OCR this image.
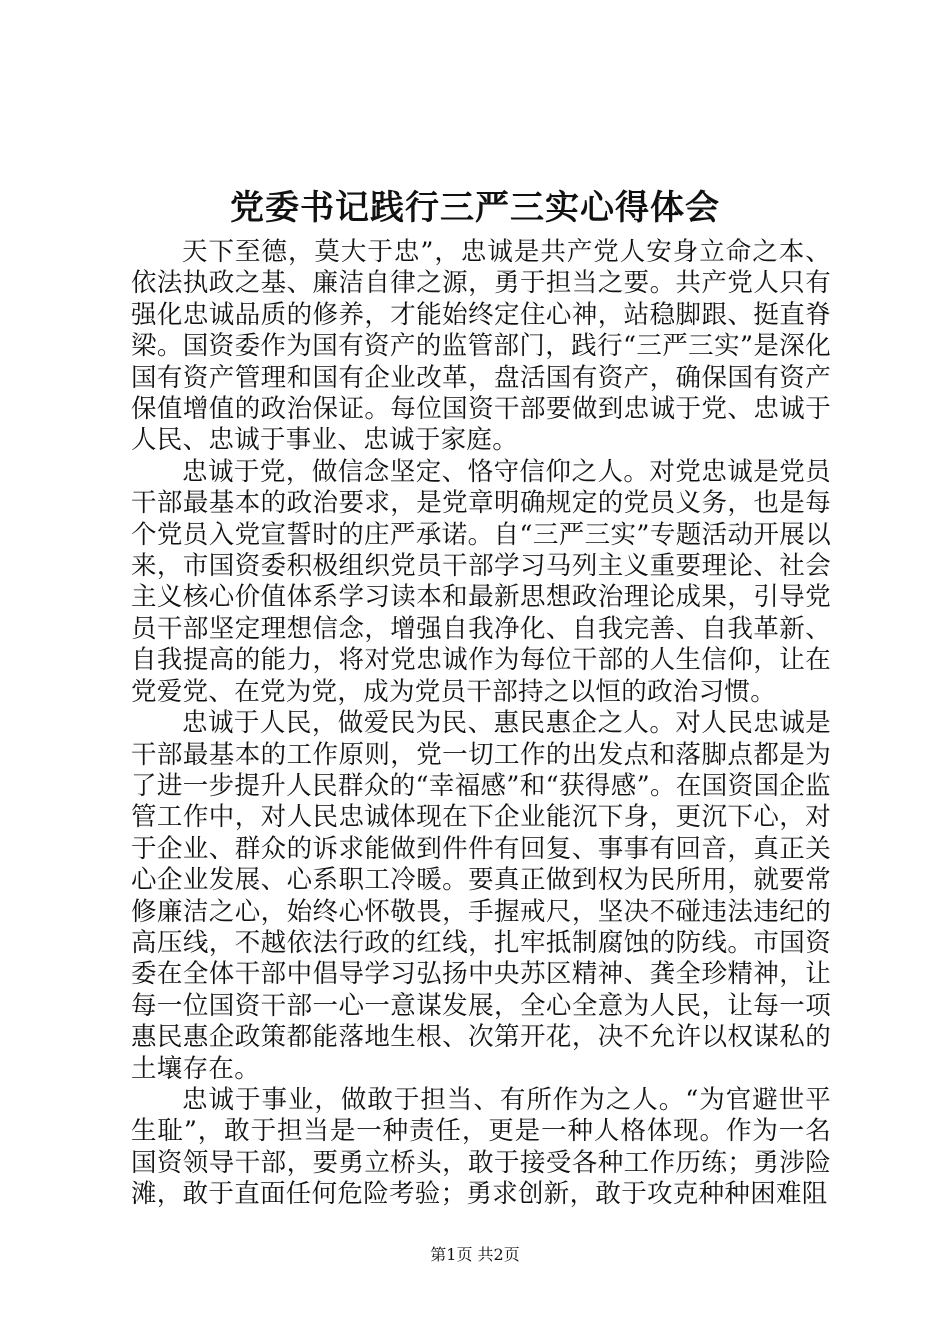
党委书记践行三严三实心得体会

天下至德，莫大于忠”，忠诚是共产党人安身立命之本、依法执政之基、廉洁自律之源，勇于担当之要。共产党人只有强化忠诚品质的修养，才能始终定住心神，站稳脚跟、挺直脊梁。国资委作为国有资产的监管部门，践行“三严三实”是深化国有资产管理和国有企业改革，盘活国有资产，确保国有资产保值增值的政治保证。每位国资干部要做到忠诚于党、忠诚于人民、忠诚于事业、忠诚于家庭。

忠诚于党，做信念坚定、恪守信仰之人。对党忠诚是党员干部最基本的政治要求，是党章明确规定的党员义务，也是每个党员入党宣誓时的庄严承诺。自“三严三实”专题活动开展以来，市国资委积极组织党员干部学习马列主义重要理论、社会主义核心价值体系学习读本和最新思想政治理论成果，引导党员干部坚定理想信念，增强自我净化、自我完善、自我革新、自我提高的能力，将对党忠诚作为每位干部的人生信仰，让在党爱党、在党为党，成为党员干部持之以恒的政治习惯。

忠诚于人民，做爱民为民、惠民惠企之人。对人民忠诚是干部最基本的工作原则，党一切工作的出发点和落脚点都是为了进一步提升人民群众的“幸福感”和“获得感”。在国资国企监管工作中，对人民忠诚体现在下企业能沉下身，更沉下心，对于企业、群众的诉求能做到件件有回复、事事有回音，真正关心企业发展、心系职工冷暖。要真正做到权为民所用，就要常修廉洁之心，始终心怀敬畏，手握戒尺，坚决不碰违法违纪的高压线，不越依法行政的红线，扎牢抵制腐蚀的防线。市国资委在全体干部中倡导学习弘扬中央苏区精神、龚全珍精神，让每一位国资干部一心一意谋发展，全心全意为人民，让每一项惠民惠企政策都能落地生根、次第开花，决不允许以权谋私的土壤存在。

忠诚于事业，做敢于担当、有所作为之人。“为官避世平生耻”，敢于担当是一种责任，更是一种人格体现。作为一名国资领导干部，要勇立桥头，敢于接受各种工作历练；勇涉险滩，敢于直面任何危险考验；勇求创新，敢于攻克种种困难阻

第1页 共2页
